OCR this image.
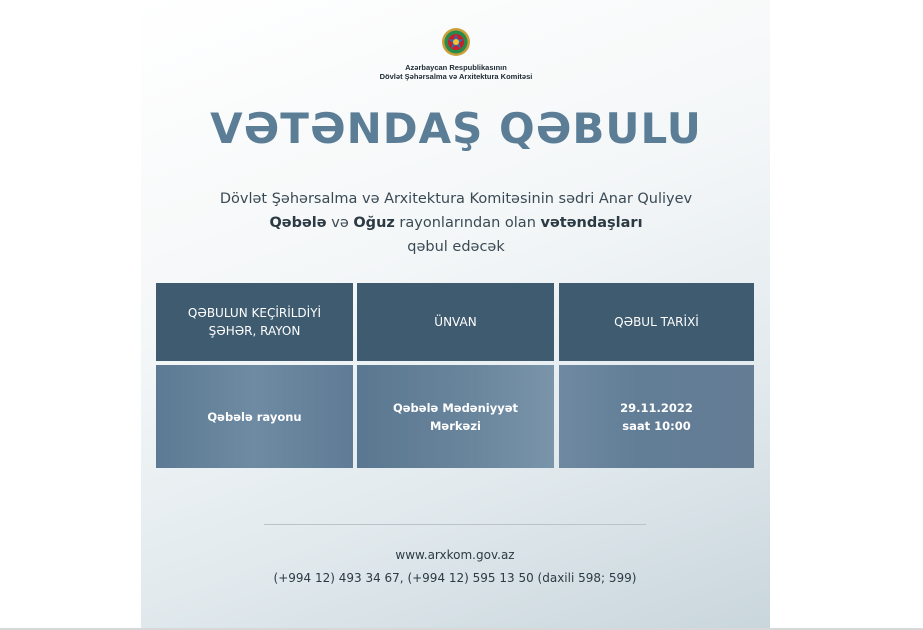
Azərbaycan Respublikasının
Dövlət Şəhərsalma və Arxitektura Komitəsi
VƏTƏNDAŞ QƏBULU
Dövlət Şəhərsalma və Arxitektura Komitəsinin sədri Anar Quliyev
Qəbələ və Oğuz rayonlarından olan vətəndaşları
qəbul edəcək
QƏBULUN KEÇİRİLDİYİ
ŞƏHƏR, RAYON
ÜNVAN	QƏBUL TARİXİ
Qəbələ rayonu
Qəbələ Mədəniyyət
Mərkəzi
29.11.2022
saat 10:00
www.arxkom.gov.az
(+994 12) 493 34 67, (+994 12) 595 13 50 (daxili 598; 599)
